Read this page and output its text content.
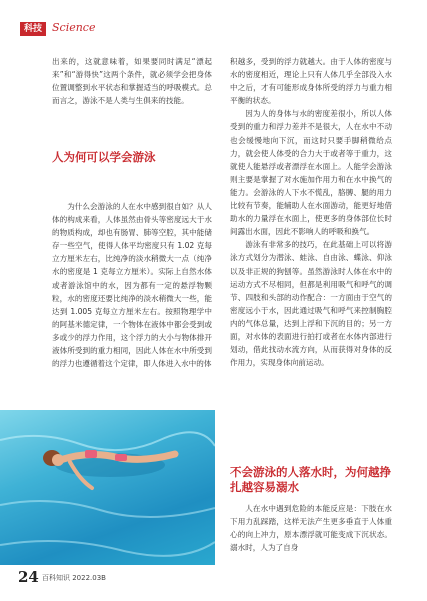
科技 Science

出来的，这就意味着，如果要同时满足“漂起来”和“游得快”这两个条件，就必须学会把身体位置调整到水平状态和掌握适当的呼吸模式。总而言之，游泳不是人类与生俱来的技能。

人为何可以学会游泳

为什么会游泳的人在水中感到很自如？从人体的构成来看，人体虽然由骨头等密度远大于水的物质构成，却也有肠胃、肺等空腔，其中能储存一些空气，使得人体平均密度只有 1.02 克每立方厘米左右，比纯净的淡水稍微大一点（纯净水的密度是 1 克每立方厘米）。实际上自然水体或者游泳馆中的水，因为都有一定的悬浮物颗粒，水的密度还要比纯净的淡水稍微大一些，能达到 1.005 克每立方厘米左右。按照物理学中的阿基米德定律，一个物体在液体中都会受到或多或少的浮力作用，这个浮力的大小与物体排开液体所受到的重力相同，因此人体在水中所受到的浮力也遵循着这个定律，即人体进入水中的体

积越多，受到的浮力就越大。由于人体的密度与水的密度相近，理论上只有人体几乎全部没入水中之后，才有可能形成身体所受的浮力与重力相平衡的状态。

因为人的身体与水的密度差很小，所以人体受到的重力和浮力差并不是很大，人在水中不动也会缓慢地向下沉，而这时只要手脚稍微给点力，就会使人体受的合力大于或者等于重力，这就使人能悬浮或者漂浮在水面上。人能学会游泳则主要是掌握了对水施加作用力和在水中换气的能力。会游泳的人下水不慌乱，胳膊、腿的用力比较有节奏，能辅助人在水面游动，能更好地借助水的力量浮在水面上，使更多的身体部位长时间露出水面，因此不影响人的呼吸和换气。

游泳有非常多的技巧，在此基础上可以将游泳方式划分为潜泳、蛙泳、自由泳、蝶泳、仰泳以及非正规的狗刨等。虽然游泳时人体在水中的运动方式不尽相同，但都是利用吸气和呼气的调节、四肢和头部的动作配合：一方面由于空气的密度远小于水，因此通过吸气和呼气来控制胸腔内的气体总量，达到上浮和下沉的目的；另一方面，对水体的表面进行拍打或者在水体内部进行划动，借此找动水流方向，从而获得对身体的反作用力，实现身体向前运动。

不会游泳的人落水时，为何越挣扎越容易溺水

人在水中遇到危险的本能反应是：下肢在水下用力乱踩踏，这样无法产生更多垂直于人体重心的向上冲力，原本漂浮就可能变成下沉状态。溺水时，人为了自身

24 百科知识 2022.03B
